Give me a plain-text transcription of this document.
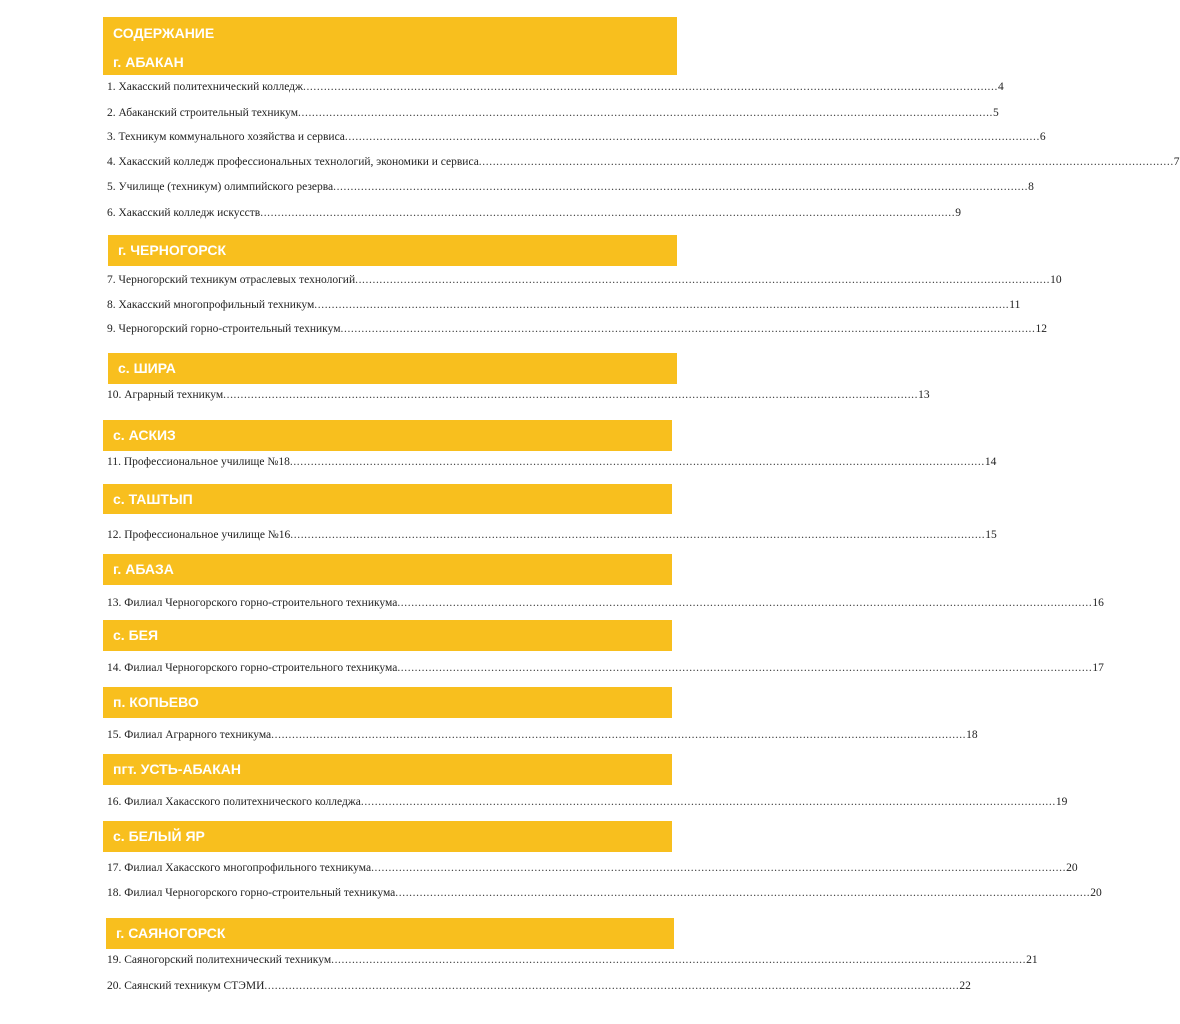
СОДЕРЖАНИЕ
г. АБАКАН
1. Хакасский политехнический колледж ........................................................................................................................................................................................................ 4
2. Абаканский строительный техникум ........................................................................................................................................................................................................ 5
3. Техникум коммунального хозяйства и сервиса ........................................................................................................................................................................................................ 6
4. Хакасский колледж профессиональных технологий, экономики и сервиса ........................................................................................................................................................................................................ 7
5. Училище (техникум) олимпийского резерва ........................................................................................................................................................................................................ 8
6. Хакасский колледж искусств ........................................................................................................................................................................................................ 9
г. ЧЕРНОГОРСК
7. Черногорский техникум отраслевых технологий ........................................................................................................................................................................................................ 10
8. Хакасский многопрофильный техникум ........................................................................................................................................................................................................ 11
9. Черногорский горно-строительный техникум ........................................................................................................................................................................................................ 12
с. ШИРА
10. Аграрный техникум ........................................................................................................................................................................................................ 13
с. АСКИЗ
11. Профессиональное училище №18 ........................................................................................................................................................................................................ 14
с. ТАШТЫП
12. Профессиональное училище №16 ........................................................................................................................................................................................................ 15
г. АБАЗА
13. Филиал Черногорского горно-строительного техникума ........................................................................................................................................................................................................ 16
с. БЕЯ
14. Филиал Черногорского горно-строительного техникума ........................................................................................................................................................................................................ 17
п. КОПЬЕВО
15. Филиал Аграрного техникума ........................................................................................................................................................................................................ 18
пгт. УСТЬ-АБАКАН
16. Филиал Хакасского политехнического колледжа ........................................................................................................................................................................................................ 19
с. БЕЛЫЙ ЯР
17. Филиал Хакасского многопрофильного техникума ........................................................................................................................................................................................................ 20
18. Филиал Черногорского горно-строительный техникума ........................................................................................................................................................................................................ 20
г. САЯНОГОРСК
19. Саяногорский политехнический техникум ........................................................................................................................................................................................................ 21
20. Саянский техникум СТЭМИ ........................................................................................................................................................................................................ 22
